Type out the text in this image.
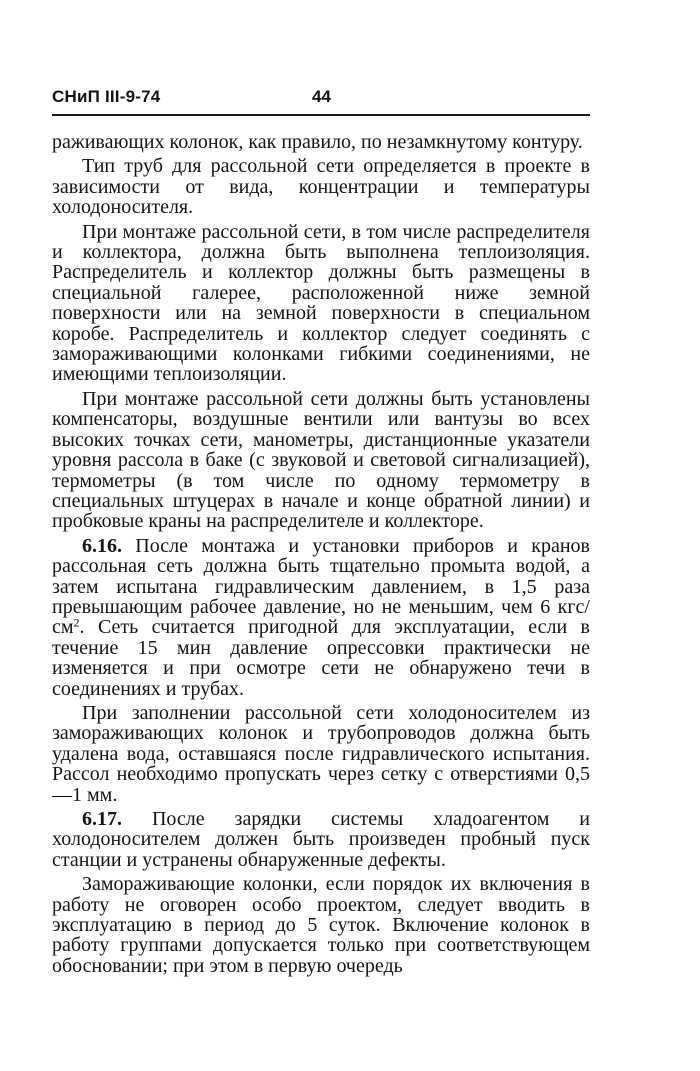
СНиП III-9-74	44

раживающих колонок, как правило, по незамкнутому контуру.

Тип труб для рассольной сети определяется в проекте в зависимости от вида, концентрации и температуры холодоносителя.

При монтаже рассольной сети, в том числе распределителя и коллектора, должна быть выполнена теплоизоляция. Распределитель и коллектор должны быть размещены в специальной галерее, расположенной ниже земной поверхности или на земной поверхности в специальном коробе. Распределитель и коллектор следует соединять с замораживающими колонками гибкими соединениями, не имеющими теплоизоляции.

При монтаже рассольной сети должны быть установлены компенсаторы, воздушные вентили или вантузы во всех высоких точках сети, манометры, дистанционные указатели уровня рассола в баке (с звуковой и световой сигнализацией), термометры (в том числе по одному термометру в специальных штуцерах в начале и конце обратной линии) и пробковые краны на распределителе и коллекторе.

6.16. После монтажа и установки приборов и кранов рассольная сеть должна быть тщательно промыта водой, а затем испытана гидравлическим давлением, в 1,5 раза превышающим рабочее давление, но не меньшим, чем 6 кгс/$см^2$. Сеть считается пригодной для эксплуатации, если в течение 15 мин давление опрессовки практически не изменяется и при осмотре сети не обнаружено течи в соединениях и трубах.

При заполнении рассольной сети холодоносителем из замораживающих колонок и трубопроводов должна быть удалена вода, оставшаяся после гидравлического испытания. Рассол необходимо пропускать через сетку с отверстиями 0,5—1 мм.

6.17. После зарядки системы хладоагентом и холодоносителем должен быть произведен пробный пуск станции и устранены обнаруженные дефекты.

Замораживающие колонки, если порядок их включения в работу не оговорен особо проектом, следует вводить в эксплуатацию в период до 5 суток. Включение колонок в работу группами допускается только при соответствующем обосновании; при этом в первую очередь
